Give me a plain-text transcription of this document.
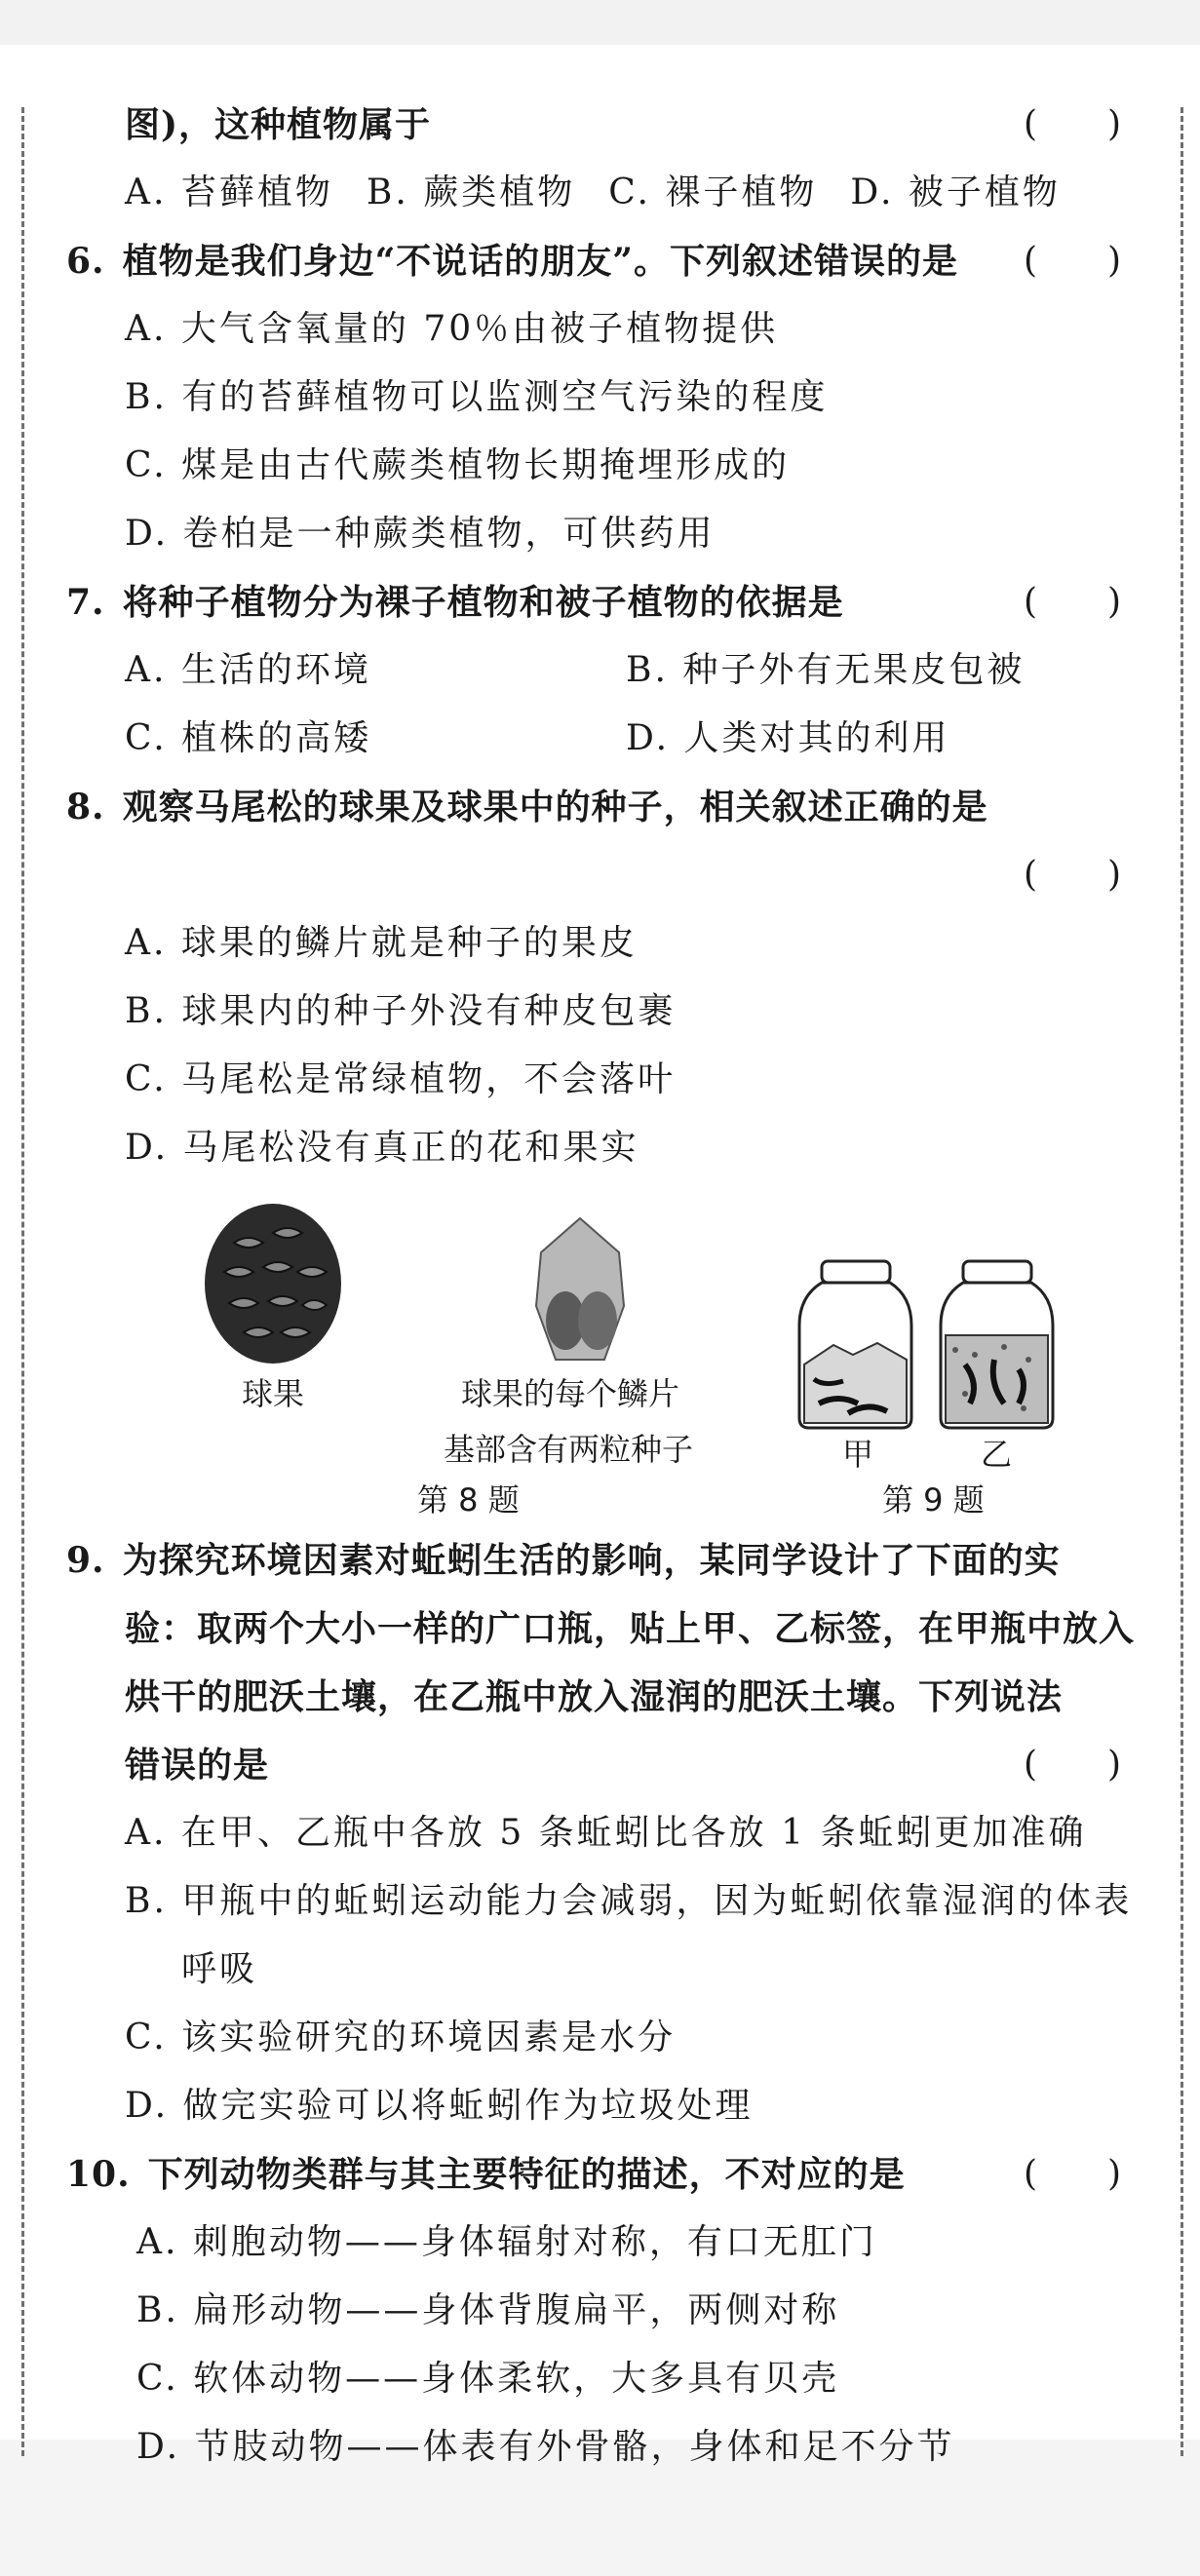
图)，这种植物属于	(　　)
A. 苔藓植物 B. 蕨类植物 C. 裸子植物 D. 被子植物
6. 植物是我们身边“不说话的朋友”。下列叙述错误的是 (　　)
A. 大气含氧量的 70％由被子植物提供
B. 有的苔藓植物可以监测空气污染的程度
C. 煤是由古代蕨类植物长期掩埋形成的
D. 卷柏是一种蕨类植物，可供药用
7. 将种子植物分为裸子植物和被子植物的依据是	(　　)
A. 生活的环境	B. 种子外有无果皮包被
C. 植株的高矮	D. 人类对其的利用
8. 观察马尾松的球果及球果中的种子，相关叙述正确的是
(　　)
A. 球果的鳞片就是种子的果皮
B. 球果内的种子外没有种皮包裹
C. 马尾松是常绿植物，不会落叶
D. 马尾松没有真正的花和果实
球果	球果的每个鳞片
基部含有两粒种子
第 8 题
甲	乙
第 9 题
9. 为探究环境因素对蚯蚓生活的影响，某同学设计了下面的实
验：取两个大小一样的广口瓶，贴上甲、乙标签，在甲瓶中放入
烘干的肥沃土壤，在乙瓶中放入湿润的肥沃土壤。下列说法
错误的是	(　　)
A. 在甲、乙瓶中各放 5 条蚯蚓比各放 1 条蚯蚓更加准确
B. 甲瓶中的蚯蚓运动能力会减弱，因为蚯蚓依靠湿润的体表
呼吸
C. 该实验研究的环境因素是水分
D. 做完实验可以将蚯蚓作为垃圾处理
10. 下列动物类群与其主要特征的描述，不对应的是	(　　)
A. 刺胞动物——身体辐射对称，有口无肛门
B. 扁形动物——身体背腹扁平，两侧对称
C. 软体动物——身体柔软，大多具有贝壳
D. 节肢动物——体表有外骨骼，身体和足不分节
